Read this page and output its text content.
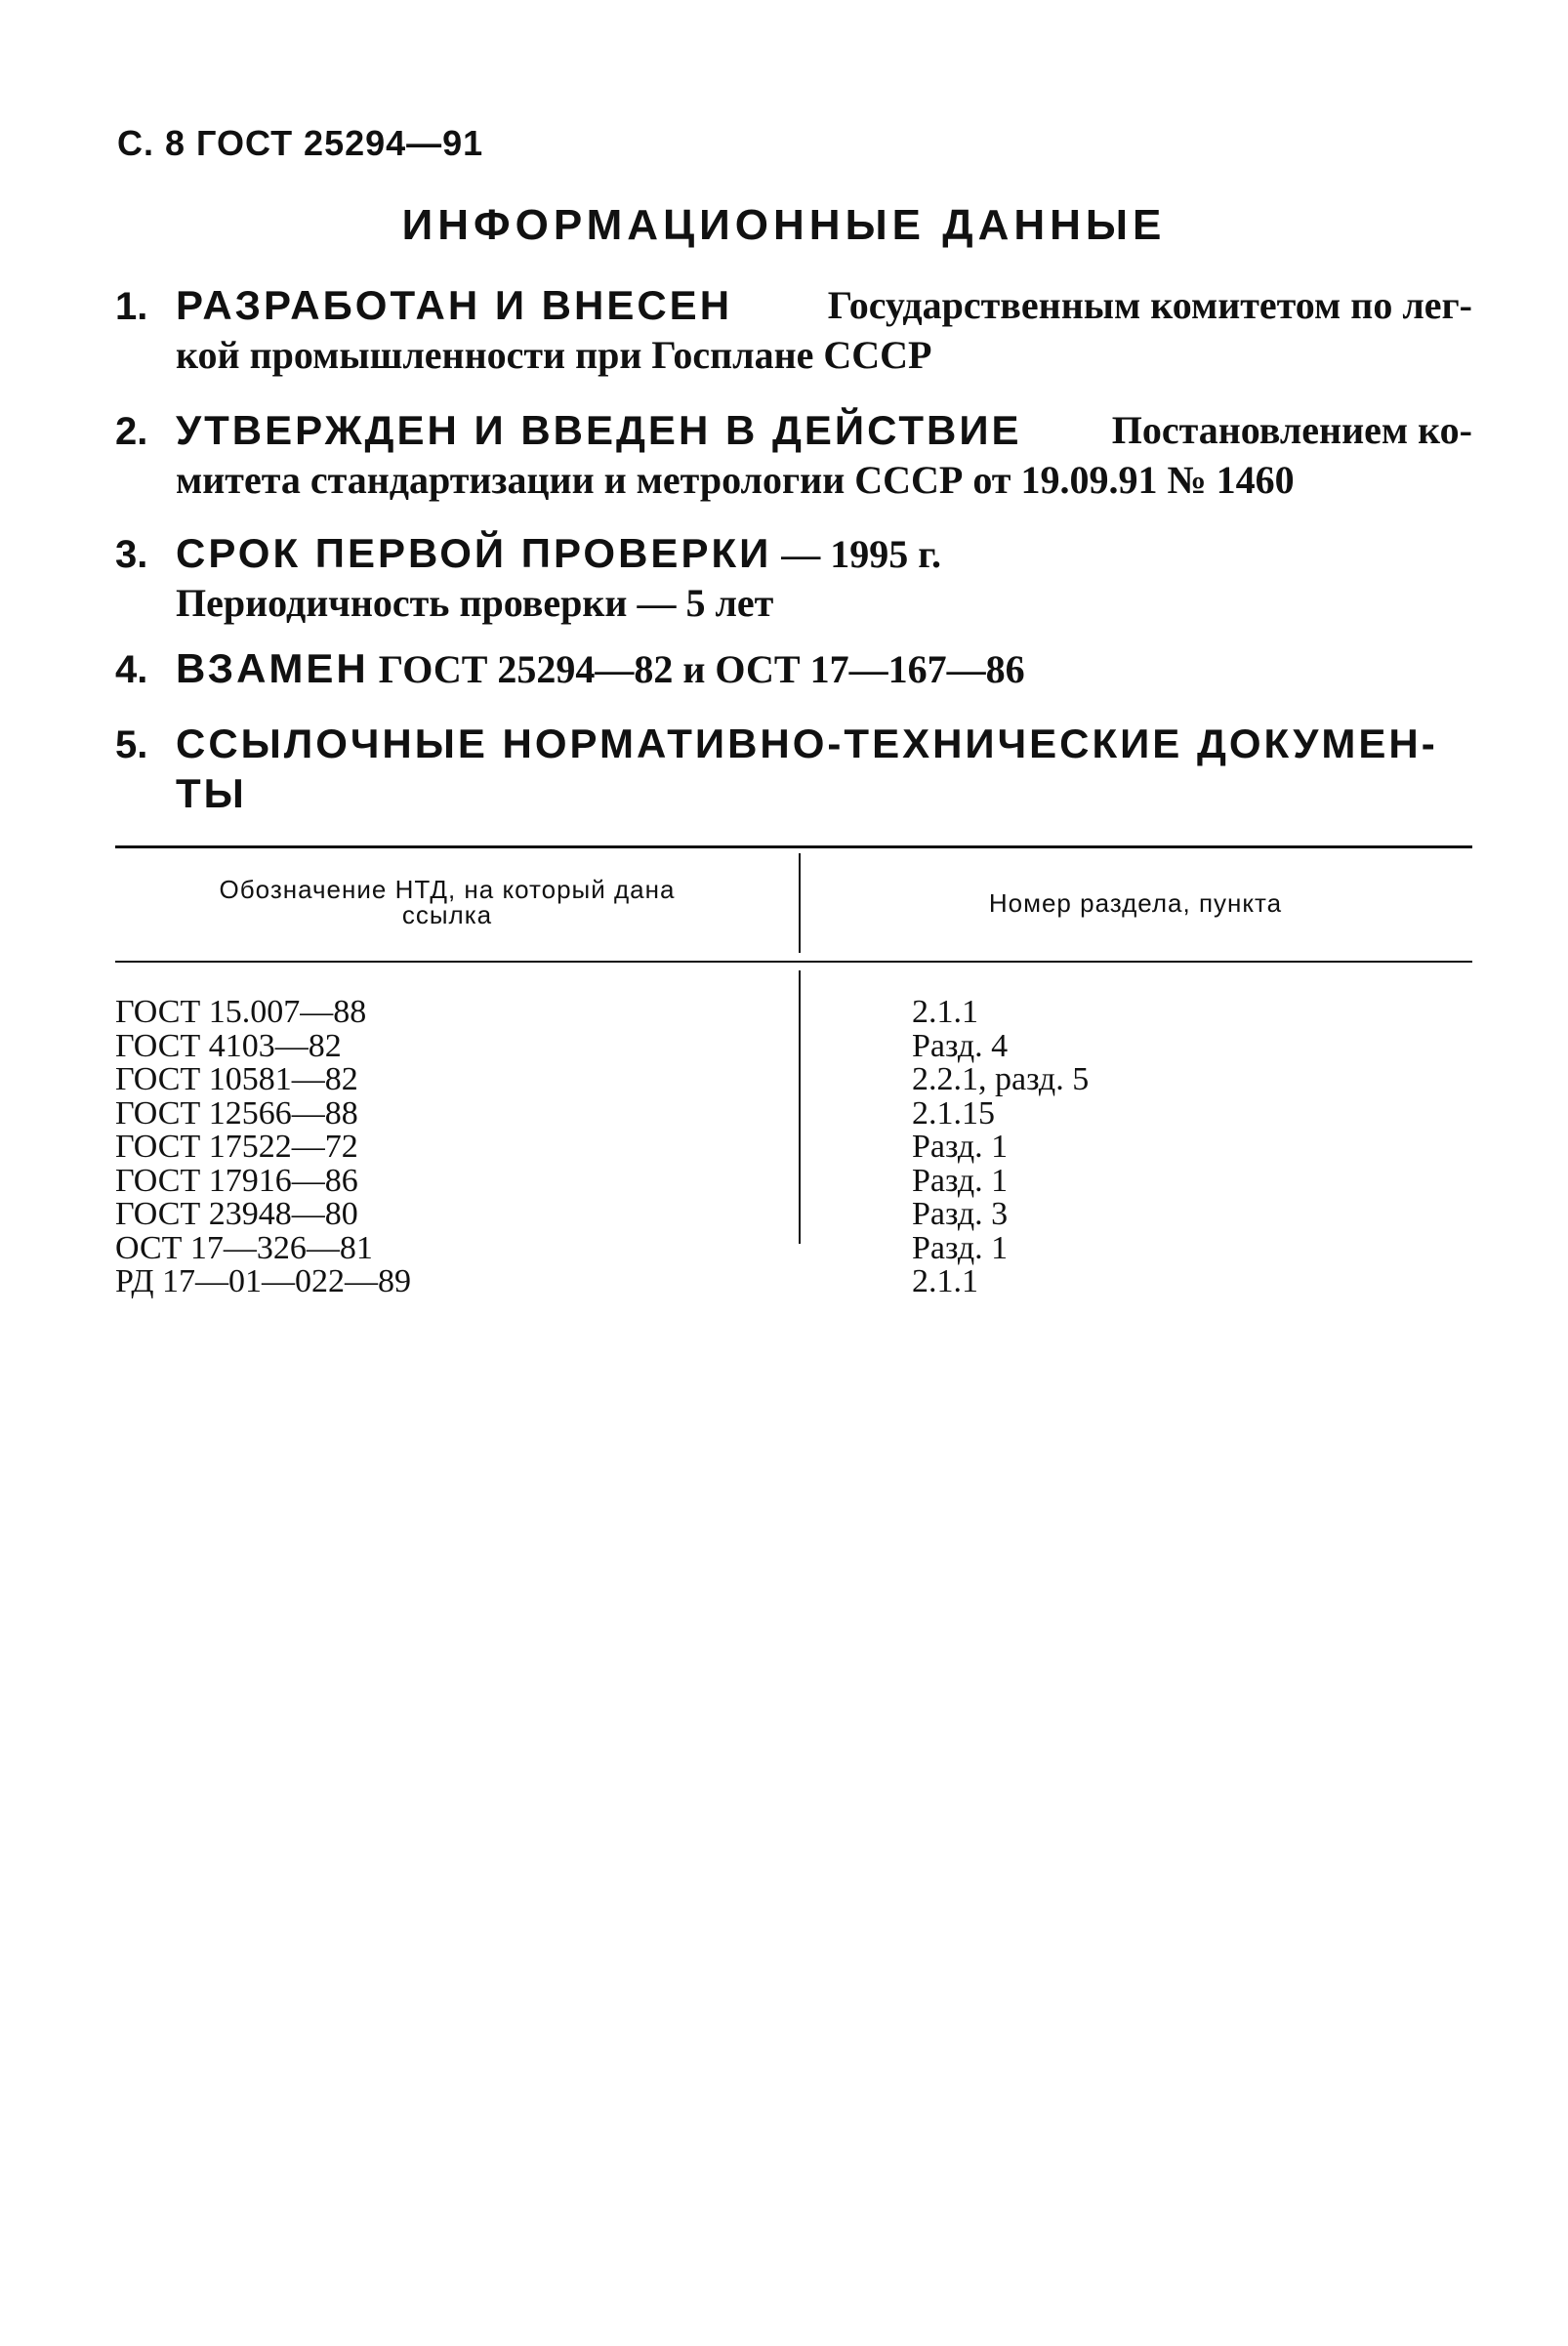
С. 8 ГОСТ 25294—91
ИНФОРМАЦИОННЫЕ ДАННЫЕ
1. РАЗРАБОТАН И ВНЕСЕН Государственным комитетом по лег-
кой промышленности при Госплане СССР
2. УТВЕРЖДЕН И ВВЕДЕН В ДЕЙСТВИЕ Постановлением ко-
митета стандартизации и метрологии СССР от 19.09.91 № 1460
3. СРОК ПЕРВОЙ ПРОВЕРКИ — 1995 г.
Периодичность проверки — 5 лет
4. ВЗАМЕН ГОСТ 25294—82 и ОСТ 17—167—86
5. ССЫЛОЧНЫЕ НОРМАТИВНО-ТЕХНИЧЕСКИЕ ДОКУМЕН-
ТЫ
Обозначение НТД, на который дана ссылка	Номер раздела, пункта
ГОСТ 15.007—88
ГОСТ 4103—82
ГОСТ 10581—82
ГОСТ 12566—88
ГОСТ 17522—72
ГОСТ 17916—86
ГОСТ 23948—80
ОСТ 17—326—81
РД 17—01—022—89
2.1.1
Разд. 4
2.2.1, разд. 5
2.1.15
Разд. 1
Разд. 1
Разд. 3
Разд. 1
2.1.1
